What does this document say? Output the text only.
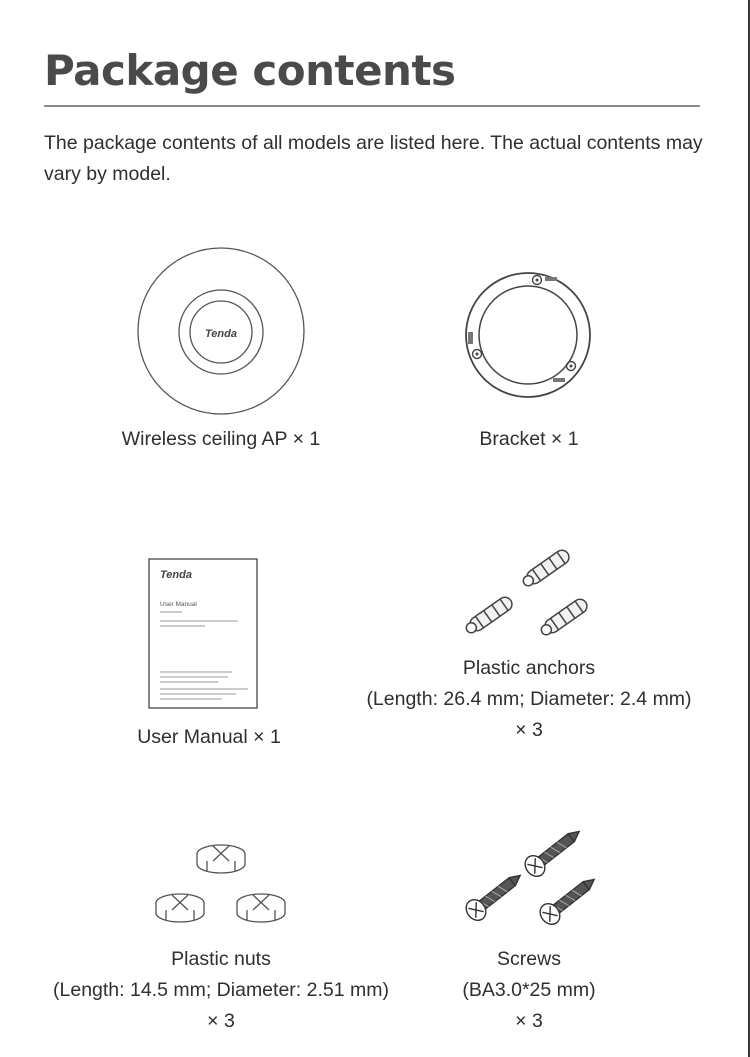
Package contents

The package contents of all models are listed here. The actual contents may vary by model.

Tenda
Wireless ceiling AP × 1	Bracket × 1
Tenda
User Manual
User Manual × 1
Plastic anchors
(Length: 26.4 mm; Diameter: 2.4 mm)
× 3
Plastic nuts
(Length: 14.5 mm; Diameter: 2.51 mm)
× 3
Screws
(BA3.0*25 mm)
× 3
